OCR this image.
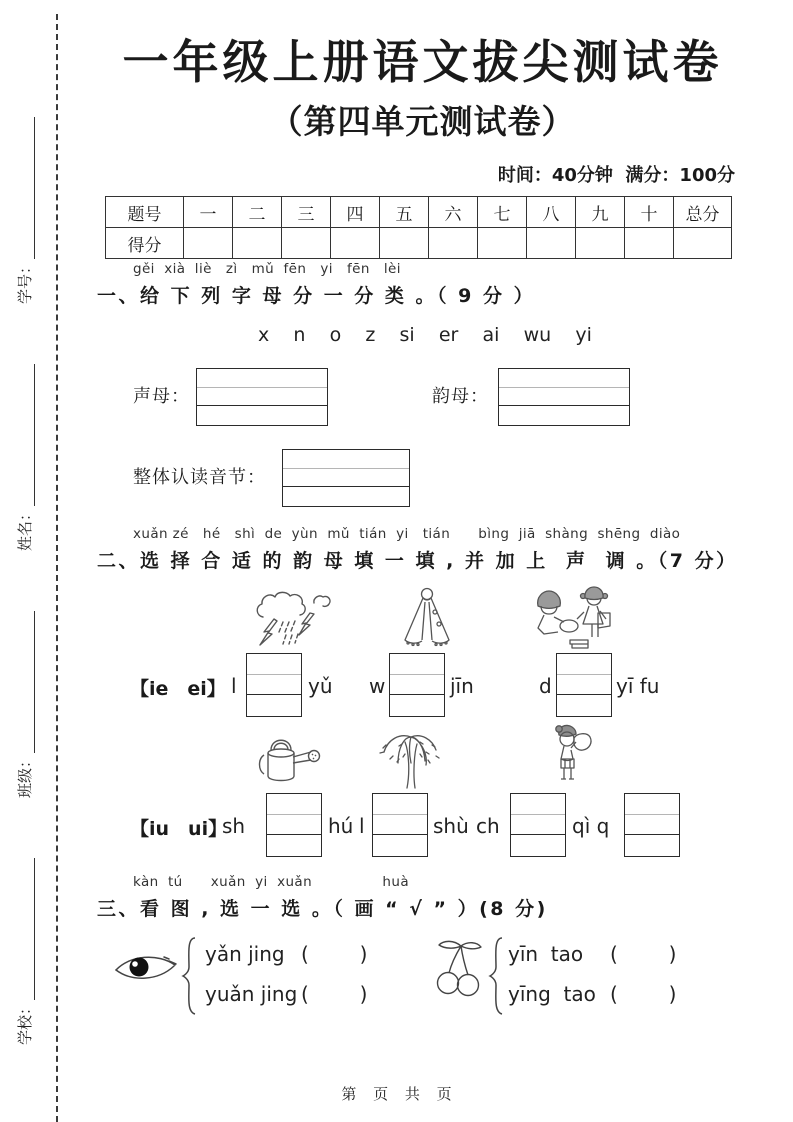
学校：
班级：
姓名：
学号：
一年级上册语文拔尖测试卷
（第四单元测试卷）
时间：40分钟  满分：100分
题号	一	二	三	四	五	六	七	八	九	十	总分
得分											
gěi  xià  liè   zì   mǔ  fēn   yi   fēn   lèi
一、给 下 列 字 母 分 一 分 类 。（ 9 分 ）
x    n    o    z    si    er    ai    wu    yi
声母：	韵母：
整体认读音节：
xuǎn zé   hé   shì  de  yùn  mǔ  tián  yi   tián      bìng  jiā  shàng  shēng  diào
二、选 择 合 适 的 韵 母 填 一 填 , 并 加 上  声  调 。（7 分）
【ie　ei】 l	yǔ w	jīn	d	yī fu
【iu　ui】
sh	hú l	shù ch	qì q
kàn  tú      xuǎn  yi  xuǎn               huà
三、看 图 , 选 一 选 。（ 画 “ √ ” ）(8 分)
yǎn jing (        )
yuǎn jing (        )
yīn  tao (        )
yīng  tao (        )
第 页 共 页
